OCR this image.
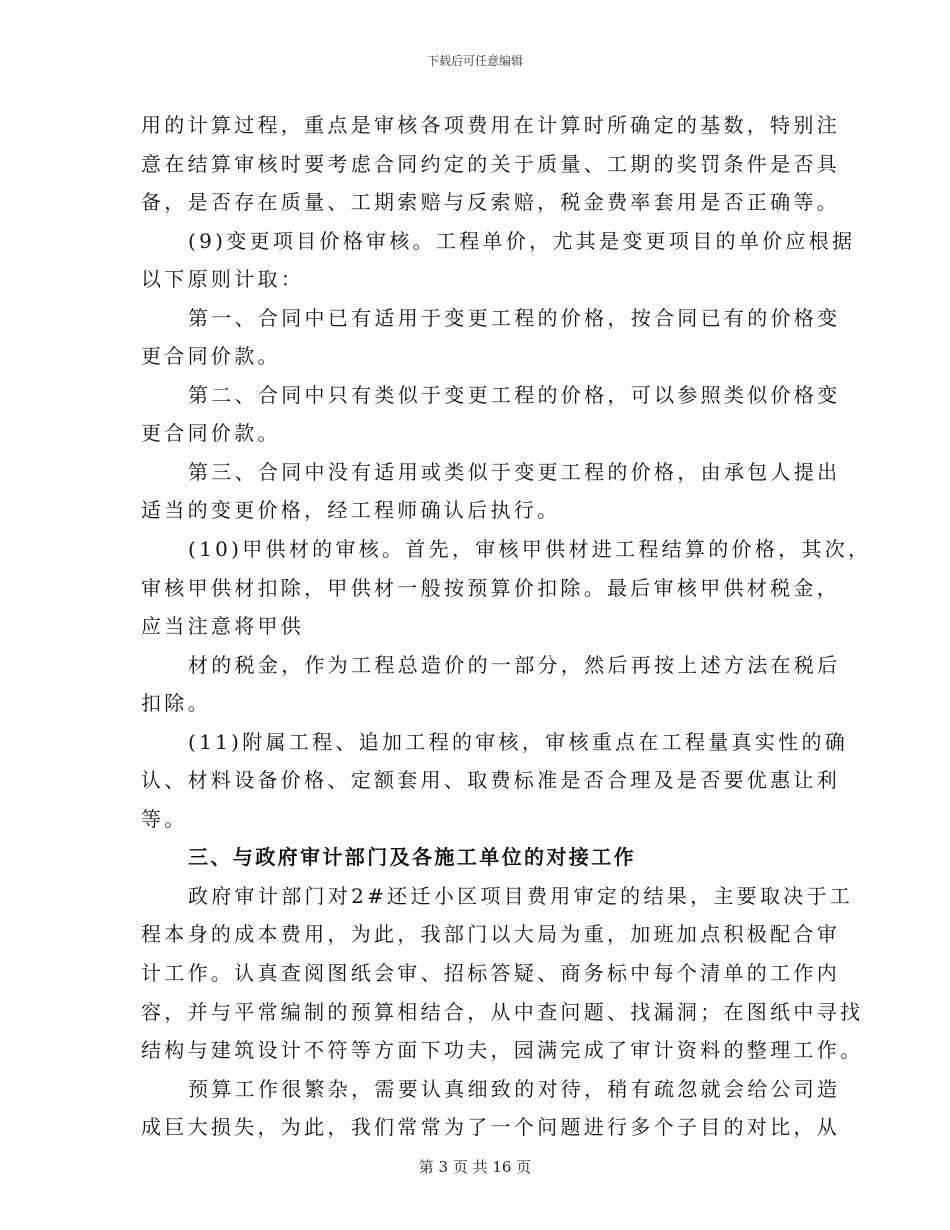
下载后可任意编辑
用的计算过程，重点是审核各项费用在计算时所确定的基数，特别注
意在结算审核时要考虑合同约定的关于质量、工期的奖罚条件是否具
备，是否存在质量、工期索赔与反索赔，税金费率套用是否正确等。
(9)变更项目价格审核。工程单价，尤其是变更项目的单价应根据
以下原则计取：
第一、合同中已有适用于变更工程的价格，按合同已有的价格变
更合同价款。
第二、合同中只有类似于变更工程的价格，可以参照类似价格变
更合同价款。
第三、合同中没有适用或类似于变更工程的价格，由承包人提出
适当的变更价格，经工程师确认后执行。
(10)甲供材的审核。首先，审核甲供材进工程结算的价格，其次，
审核甲供材扣除，甲供材一般按预算价扣除。最后审核甲供材税金，
应当注意将甲供
材的税金，作为工程总造价的一部分，然后再按上述方法在税后
扣除。
(11)附属工程、追加工程的审核，审核重点在工程量真实性的确
认、材料设备价格、定额套用、取费标准是否合理及是否要优惠让利
等。
三、与政府审计部门及各施工单位的对接工作
政府审计部门对2#还迁小区项目费用审定的结果，主要取决于工
程本身的成本费用，为此，我部门以大局为重，加班加点积极配合审
计工作。认真查阅图纸会审、招标答疑、商务标中每个清单的工作内
容，并与平常编制的预算相结合，从中查问题、找漏洞；在图纸中寻找
结构与建筑设计不符等方面下功夫，园满完成了审计资料的整理工作。
预算工作很繁杂，需要认真细致的对待，稍有疏忽就会给公司造
成巨大损失，为此，我们常常为了一个问题进行多个子目的对比，从
第 3 页 共 16 页
